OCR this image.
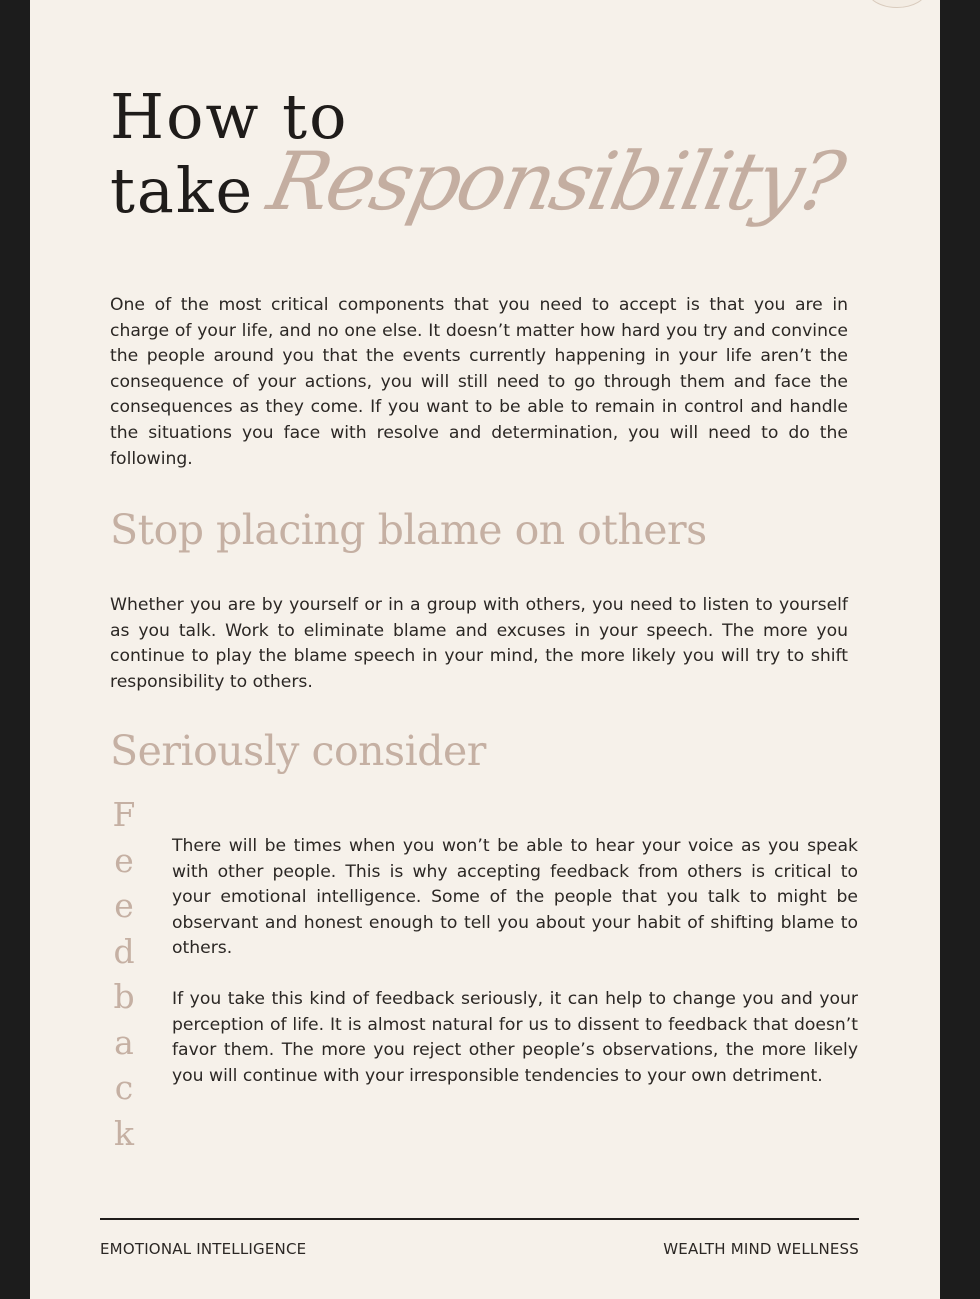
How to
take Responsibility?

One of the most critical components that you need to accept is that you are in charge of your life, and no one else. It doesn’t matter how hard you try and convince the people around you that the events currently happening in your life aren’t the consequence of your actions, you will still need to go through them and face the consequences as they come. If you want to be able to remain in control and handle the situations you face with resolve and determination, you will need to do the following.

Stop placing blame on others

Whether you are by yourself or in a group with others, you need to listen to yourself as you talk. Work to eliminate blame and excuses in your speech. The more you continue to play the blame speech in your mind, the more likely you will try to shift responsibility to others.

Seriously consider
F
e
e
d
b
a
c
k

There will be times when you won’t be able to hear your voice as you speak with other people. This is why accepting feedback from others is critical to your emotional intelligence. Some of the people that you talk to might be observant and honest enough to tell you about your habit of shifting blame to others.

If you take this kind of feedback seriously, it can help to change you and your perception of life. It is almost natural for us to dissent to feedback that doesn’t favor them. The more you reject other people’s observations, the more likely you will continue with your irresponsible tendencies to your own detriment.

EMOTIONAL INTELLIGENCE	WEALTH MIND WELLNESS
